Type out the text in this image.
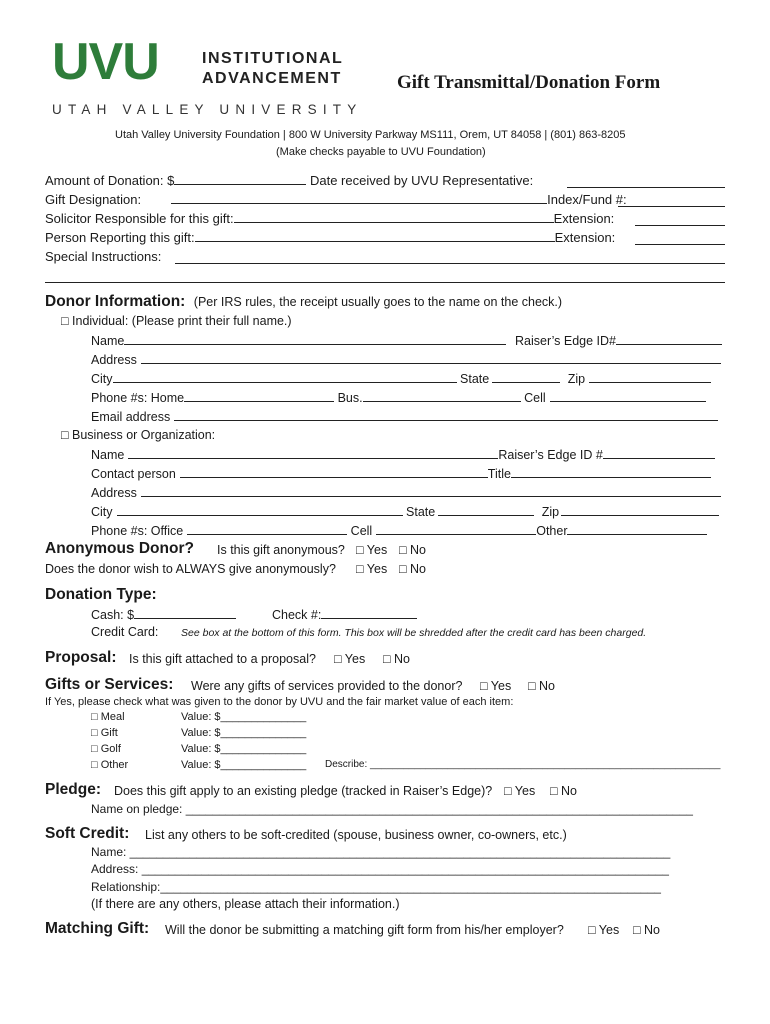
UVU	INSTITUTIONAL
ADVANCEMENT
UTAH VALLEY UNIVERSITY
Gift Transmittal/Donation Form
Utah Valley University Foundation | 800 W University Parkway MS111, Orem, UT 84058 | (801) 863-8205
(Make checks payable to UVU Foundation)
Amount of Donation: $	Date received by UVU Representative:
Gift Designation:	Index/Fund #:
Solicitor Responsible for this gift:	Extension:
Person Reporting this gift:	Extension:
Special Instructions:
Donor Information: (Per IRS rules, the receipt usually goes to the name on the check.)
□ Individual: (Please print their full name.)
Name	Raiser’s Edge ID#
Address
City	State	Zip
Phone #s: Home	Bus.	Cell
Email address
□ Business or Organization:
Name	Raiser’s Edge ID #
Contact person	Title
Address
City	State	Zip
Phone #s: Office	Cell	Other
Anonymous Donor? Is this gift anonymous? □ Yes □ No
Does the donor wish to ALWAYS give anonymously? □ Yes □ No
Donation Type:
Cash: $	Check #:
Credit Card: See box at the bottom of this form. This box will be shredded after the credit card has been charged.
Proposal: Is this gift attached to a proposal? □ Yes □ No
Gifts or Services: Were any gifts of services provided to the donor? □ Yes □ No
If Yes, please check what was given to the donor by UVU and the fair market value of each item:
□ Meal	Value: $______________
□ Gift	Value: $______________
□ Golf	Value: $______________
□ Other	Value: $______________ Describe: _______________________________________________________________
Pledge: Does this gift apply to an existing pledge (tracked in Raiser’s Edge)? □ Yes □ No
Name on pledge: ____________________________________________________________________________
Soft Credit: List any others to be soft-credited (spouse, business owner, co-owners, etc.)
Name: _________________________________________________________________________________
Address: _______________________________________________________________________________
Relationship:___________________________________________________________________________
(If there are any others, please attach their information.)
Matching Gift: Will the donor be submitting a matching gift form from his/her employer? □ Yes □ No
